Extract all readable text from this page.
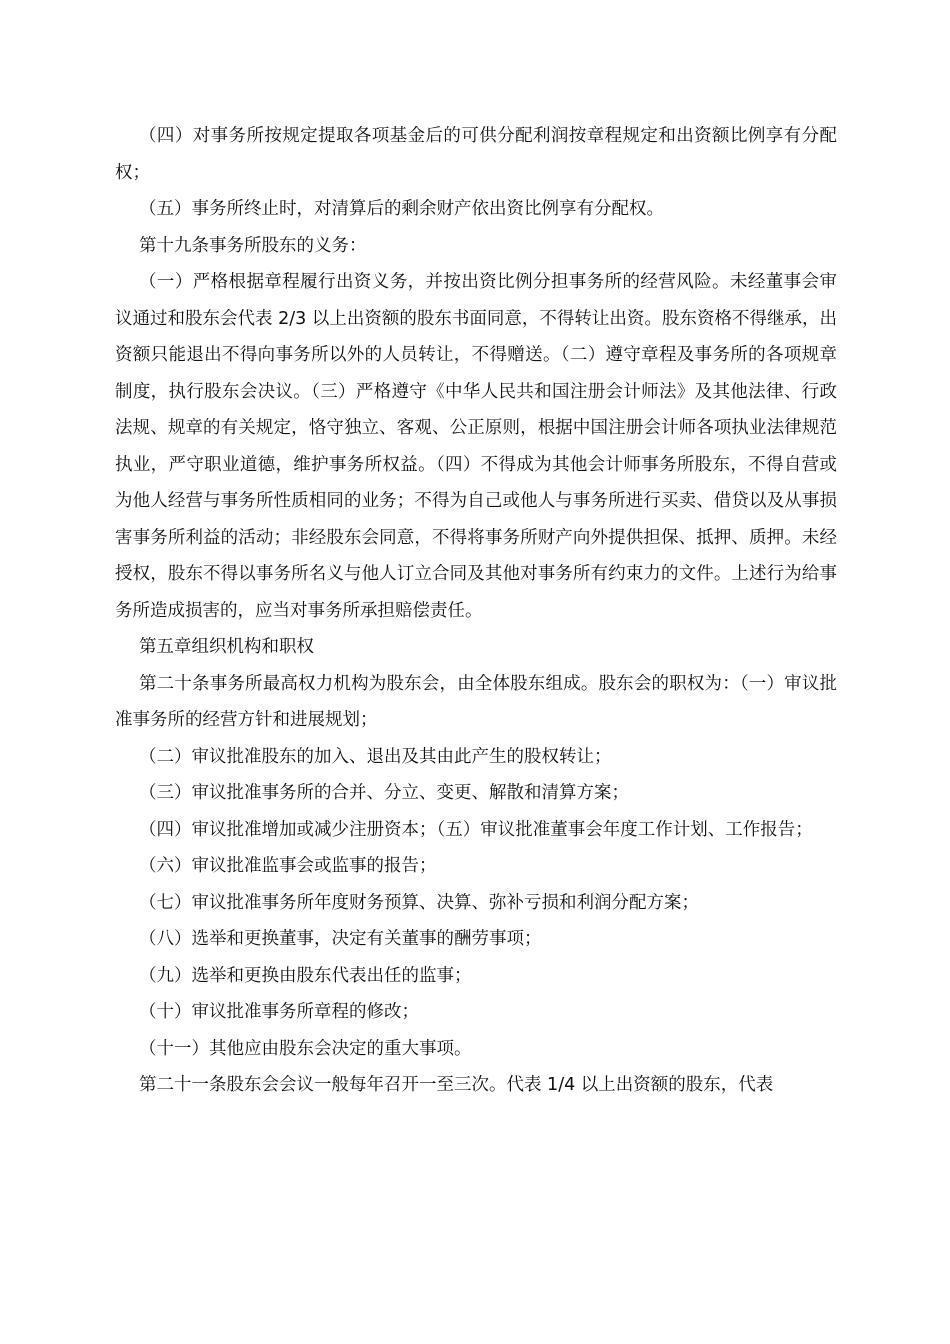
（四）对事务所按规定提取各项基金后的可供分配利润按章程规定和出资额比例享有分配权；

（五）事务所终止时，对清算后的剩余财产依出资比例享有分配权。

第十九条事务所股东的义务：

（一）严格根据章程履行出资义务，并按出资比例分担事务所的经营风险。未经董事会审议通过和股东会代表 2/3 以上出资额的股东书面同意，不得转让出资。股东资格不得继承，出资额只能退出不得向事务所以外的人员转让，不得赠送。（二）遵守章程及事务所的各项规章制度，执行股东会决议。（三）严格遵守《中华人民共和国注册会计师法》及其他法律、行政法规、规章的有关规定，恪守独立、客观、公正原则，根据中国注册会计师各项执业法律规范执业，严守职业道德，维护事务所权益。（四）不得成为其他会计师事务所股东，不得自营或为他人经营与事务所性质相同的业务；不得为自己或他人与事务所进行买卖、借贷以及从事损害事务所利益的活动；非经股东会同意，不得将事务所财产向外提供担保、抵押、质押。未经授权，股东不得以事务所名义与他人订立合同及其他对事务所有约束力的文件。上述行为给事务所造成损害的，应当对事务所承担赔偿责任。

第五章组织机构和职权

第二十条事务所最高权力机构为股东会，由全体股东组成。股东会的职权为：（一）审议批准事务所的经营方针和进展规划；

（二）审议批准股东的加入、退出及其由此产生的股权转让；

（三）审议批准事务所的合并、分立、变更、解散和清算方案；

（四）审议批准增加或减少注册资本；（五）审议批准董事会年度工作计划、工作报告；

（六）审议批准监事会或监事的报告；

（七）审议批准事务所年度财务预算、决算、弥补亏损和利润分配方案；

（八）选举和更换董事，决定有关董事的酬劳事项；

（九）选举和更换由股东代表出任的监事；

（十）审议批准事务所章程的修改；

（十一）其他应由股东会决定的重大事项。

第二十一条股东会会议一般每年召开一至三次。代表 1/4 以上出资额的股东，代表
